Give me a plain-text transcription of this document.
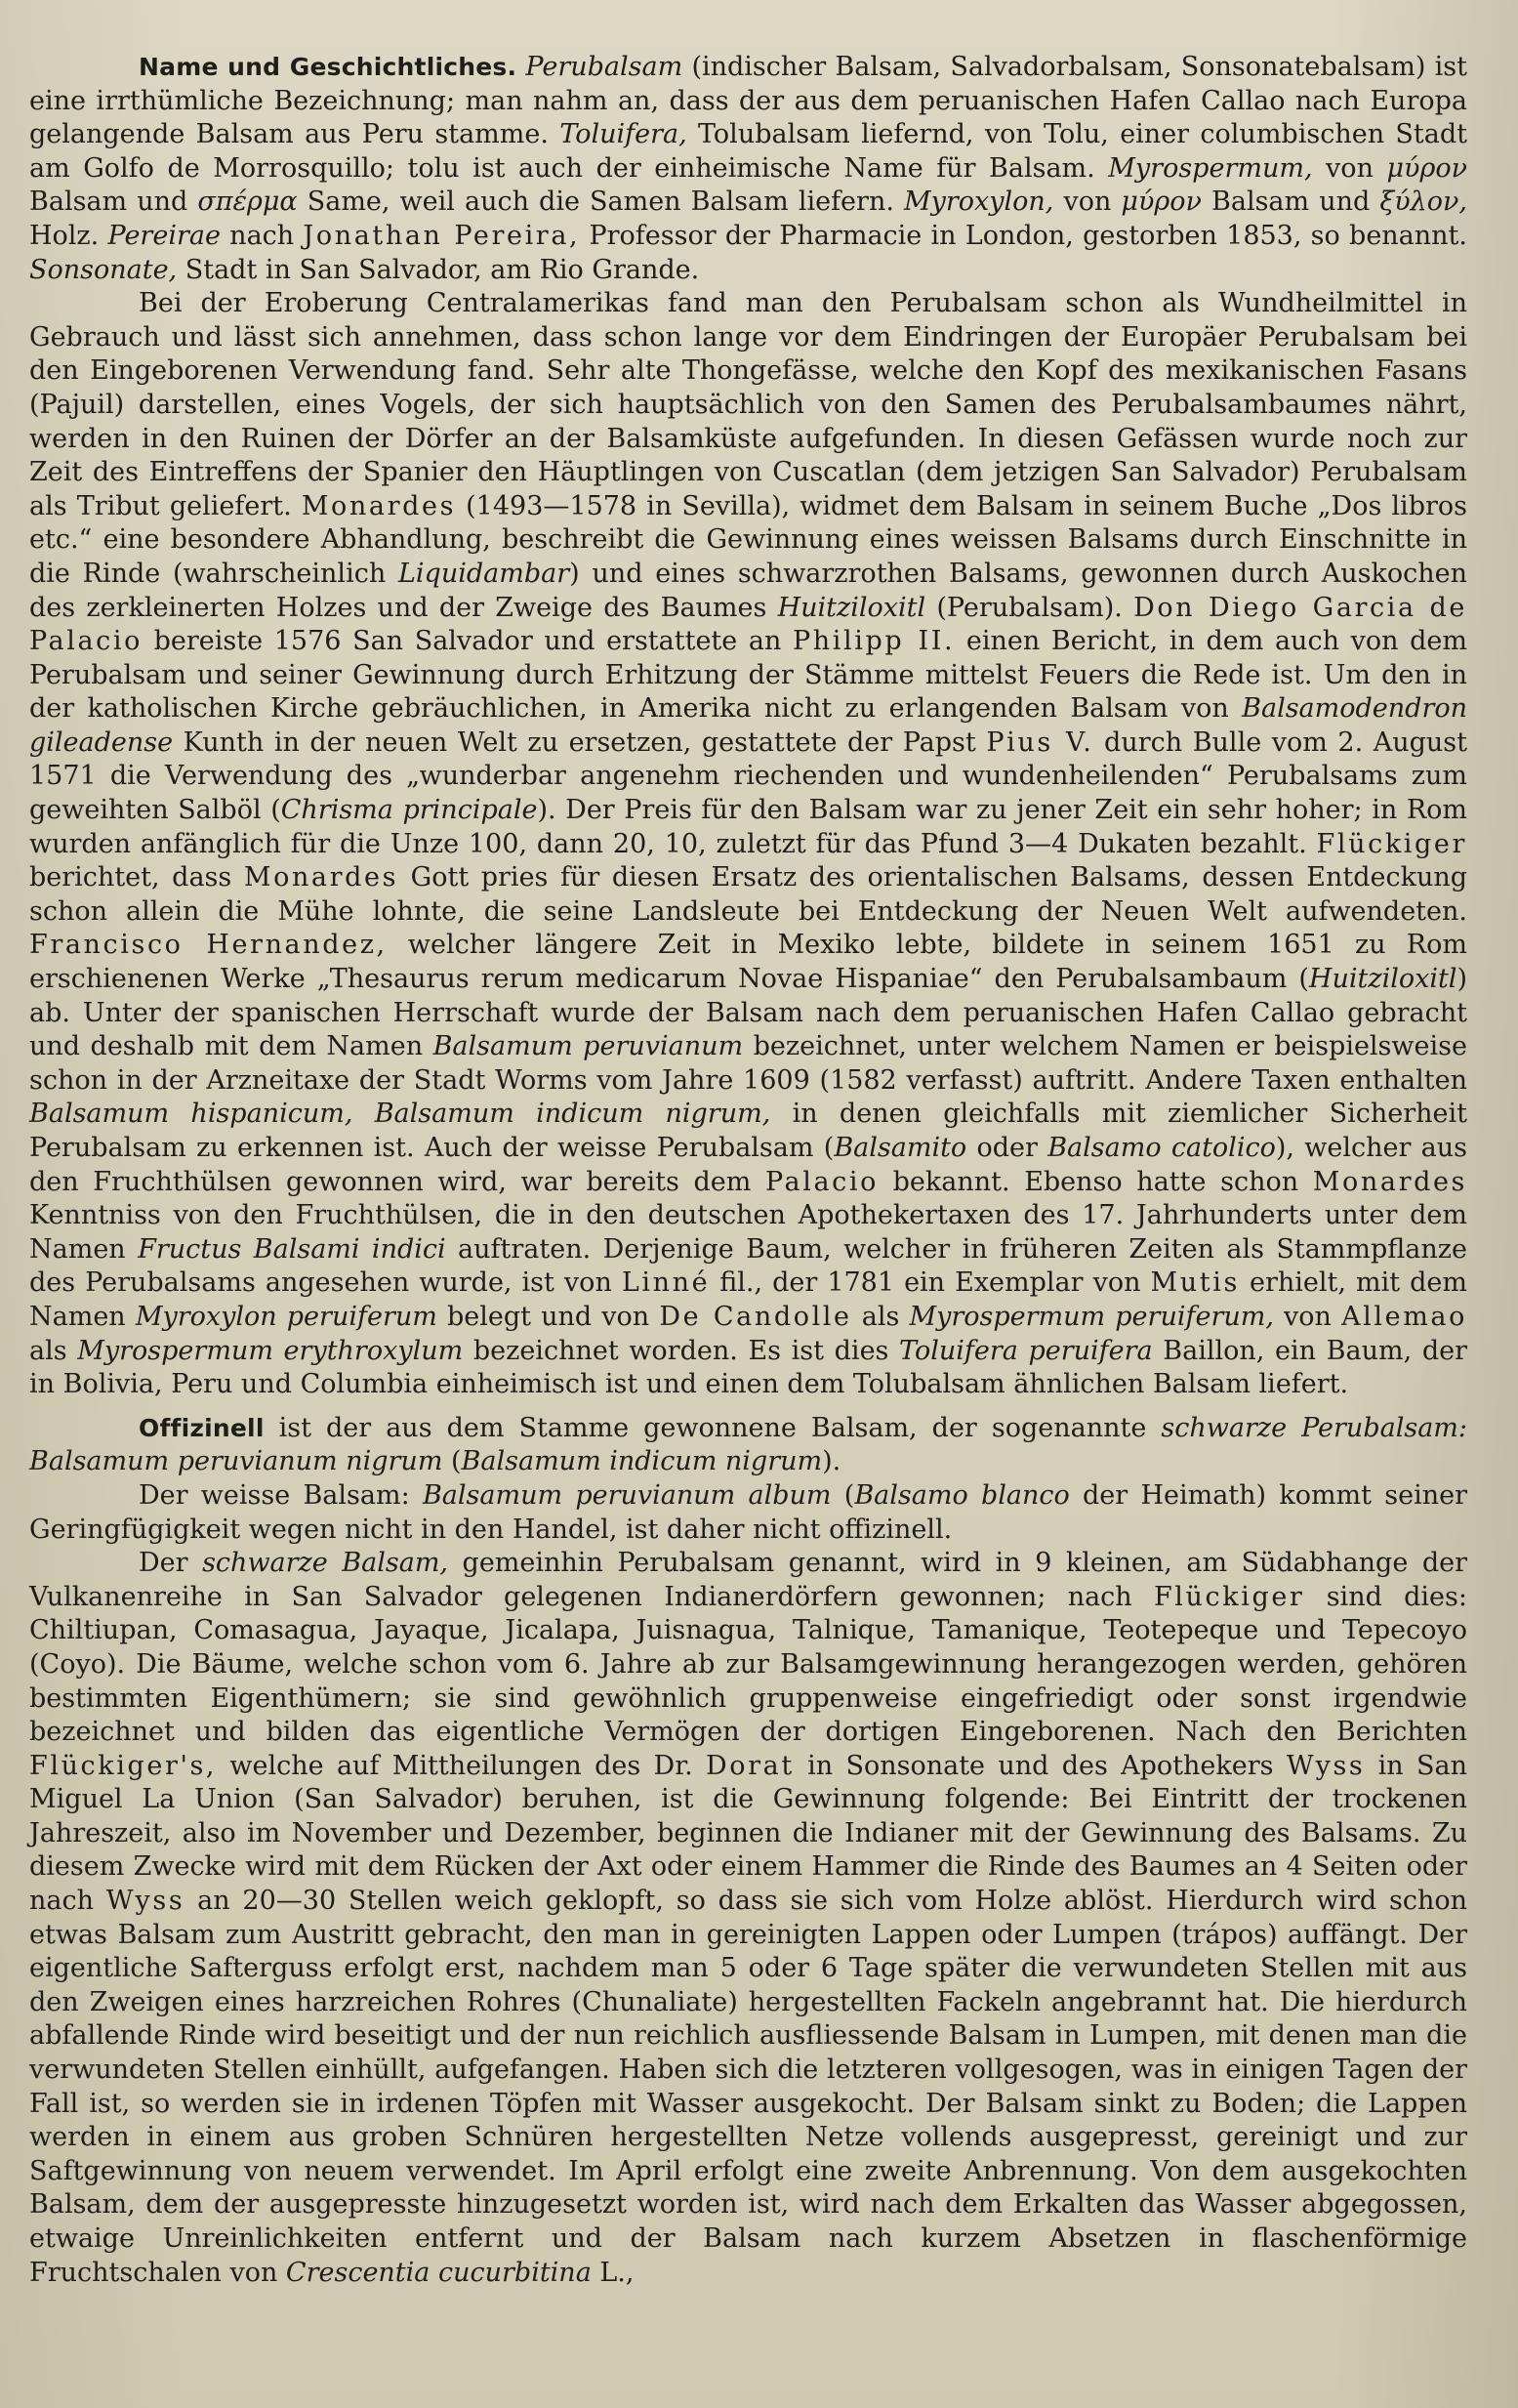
Name und Geschichtliches. Perubalsam (indischer Balsam, Salvadorbalsam, Sonsonatebalsam) ist eine irrthümliche Bezeichnung; man nahm an, dass der aus dem peruanischen Hafen Callao nach Europa gelangende Balsam aus Peru stamme. Toluifera, Tolubalsam liefernd, von Tolu, einer columbischen Stadt am Golfo de Morrosquillo; tolu ist auch der einheimische Name für Balsam. Myrospermum, von μύρον Balsam und σπέρμα Same, weil auch die Samen Balsam liefern. Myroxylon, von μύρον Balsam und ξύλον, Holz. Pereirae nach Jonathan Pereira, Professor der Pharmacie in London, gestorben 1853, so benannt. Sonsonate, Stadt in San Salvador, am Rio Grande.

Bei der Eroberung Centralamerikas fand man den Perubalsam schon als Wundheilmittel in Gebrauch und lässt sich annehmen, dass schon lange vor dem Eindringen der Europäer Perubalsam bei den Eingeborenen Verwendung fand. Sehr alte Thongefässe, welche den Kopf des mexikanischen Fasans (Pajuil) darstellen, eines Vogels, der sich hauptsächlich von den Samen des Perubalsambaumes nährt, werden in den Ruinen der Dörfer an der Balsamküste aufgefunden. In diesen Gefässen wurde noch zur Zeit des Eintreffens der Spanier den Häuptlingen von Cuscatlan (dem jetzigen San Salvador) Perubalsam als Tribut geliefert. Monardes (1493—1578 in Sevilla), widmet dem Balsam in seinem Buche „Dos libros etc.“ eine besondere Abhandlung, beschreibt die Gewinnung eines weissen Balsams durch Einschnitte in die Rinde (wahrscheinlich Liquidambar) und eines schwarzrothen Balsams, gewonnen durch Auskochen des zerkleinerten Holzes und der Zweige des Baumes Huitziloxitl (Perubalsam). Don Diego Garcia de Palacio bereiste 1576 San Salvador und erstattete an Philipp II. einen Bericht, in dem auch von dem Perubalsam und seiner Gewinnung durch Erhitzung der Stämme mittelst Feuers die Rede ist. Um den in der katholischen Kirche gebräuchlichen, in Amerika nicht zu erlangenden Balsam von Balsamodendron gileadense Kunth in der neuen Welt zu ersetzen, gestattete der Papst Pius V. durch Bulle vom 2. August 1571 die Verwendung des „wunderbar angenehm riechenden und wundenheilenden“ Perubalsams zum geweihten Salböl (Chrisma principale). Der Preis für den Balsam war zu jener Zeit ein sehr hoher; in Rom wurden anfänglich für die Unze 100, dann 20, 10, zuletzt für das Pfund 3—4 Dukaten bezahlt. Flückiger berichtet, dass Monardes Gott pries für diesen Ersatz des orientalischen Balsams, dessen Entdeckung schon allein die Mühe lohnte, die seine Landsleute bei Entdeckung der Neuen Welt aufwendeten. Francisco Hernandez, welcher längere Zeit in Mexiko lebte, bildete in seinem 1651 zu Rom erschienenen Werke „Thesaurus rerum medicarum Novae Hispaniae“ den Perubalsambaum (Huitziloxitl) ab. Unter der spanischen Herrschaft wurde der Balsam nach dem peruanischen Hafen Callao gebracht und deshalb mit dem Namen Balsamum peruvianum bezeichnet, unter welchem Namen er beispielsweise schon in der Arzneitaxe der Stadt Worms vom Jahre 1609 (1582 verfasst) auftritt. Andere Taxen enthalten Balsamum hispanicum, Balsamum indicum nigrum, in denen gleichfalls mit ziemlicher Sicherheit Perubalsam zu erkennen ist. Auch der weisse Perubalsam (Balsamito oder Balsamo catolico), welcher aus den Fruchthülsen gewonnen wird, war bereits dem Palacio bekannt. Ebenso hatte schon Monardes Kenntniss von den Fruchthülsen, die in den deutschen Apothekertaxen des 17. Jahrhunderts unter dem Namen Fructus Balsami indici auftraten. Derjenige Baum, welcher in früheren Zeiten als Stammpflanze des Perubalsams angesehen wurde, ist von Linné fil., der 1781 ein Exemplar von Mutis erhielt, mit dem Namen Myroxylon peruiferum belegt und von De Candolle als Myrospermum peruiferum, von Allemao als Myrospermum erythroxylum bezeichnet worden. Es ist dies Toluifera peruifera Baillon, ein Baum, der in Bolivia, Peru und Columbia einheimisch ist und einen dem Tolubalsam ähnlichen Balsam liefert.

Offizinell ist der aus dem Stamme gewonnene Balsam, der sogenannte schwarze Perubalsam: Balsamum peruvianum nigrum (Balsamum indicum nigrum).

Der weisse Balsam: Balsamum peruvianum album (Balsamo blanco der Heimath) kommt seiner Geringfügigkeit wegen nicht in den Handel, ist daher nicht offizinell.

Der schwarze Balsam, gemeinhin Perubalsam genannt, wird in 9 kleinen, am Südabhange der Vulkanenreihe in San Salvador gelegenen Indianerdörfern gewonnen; nach Flückiger sind dies: Chiltiupan, Comasagua, Jayaque, Jicalapa, Juisnagua, Talnique, Tamanique, Teotepeque und Tepecoyo (Coyo). Die Bäume, welche schon vom 6. Jahre ab zur Balsamgewinnung herangezogen werden, gehören bestimmten Eigenthümern; sie sind gewöhnlich gruppenweise eingefriedigt oder sonst irgendwie bezeichnet und bilden das eigentliche Vermögen der dortigen Eingeborenen. Nach den Berichten Flückiger's, welche auf Mittheilungen des Dr. Dorat in Sonsonate und des Apothekers Wyss in San Miguel La Union (San Salvador) beruhen, ist die Gewinnung folgende: Bei Eintritt der trockenen Jahreszeit, also im November und Dezember, beginnen die Indianer mit der Gewinnung des Balsams. Zu diesem Zwecke wird mit dem Rücken der Axt oder einem Hammer die Rinde des Baumes an 4 Seiten oder nach Wyss an 20—30 Stellen weich geklopft, so dass sie sich vom Holze ablöst. Hierdurch wird schon etwas Balsam zum Austritt gebracht, den man in gereinigten Lappen oder Lumpen (trápos) auffängt. Der eigentliche Safterguss erfolgt erst, nachdem man 5 oder 6 Tage später die verwundeten Stellen mit aus den Zweigen eines harzreichen Rohres (Chunaliate) hergestellten Fackeln angebrannt hat. Die hierdurch abfallende Rinde wird beseitigt und der nun reichlich ausfliessende Balsam in Lumpen, mit denen man die verwundeten Stellen einhüllt, aufgefangen. Haben sich die letzteren vollgesogen, was in einigen Tagen der Fall ist, so werden sie in irdenen Töpfen mit Wasser ausgekocht. Der Balsam sinkt zu Boden; die Lappen werden in einem aus groben Schnüren hergestellten Netze vollends ausgepresst, gereinigt und zur Saftgewinnung von neuem verwendet. Im April erfolgt eine zweite Anbrennung. Von dem ausgekochten Balsam, dem der ausgepresste hinzugesetzt worden ist, wird nach dem Erkalten das Wasser abgegossen, etwaige Unreinlichkeiten entfernt und der Balsam nach kurzem Absetzen in flaschenförmige Fruchtschalen von Crescentia cucurbitina L.,
